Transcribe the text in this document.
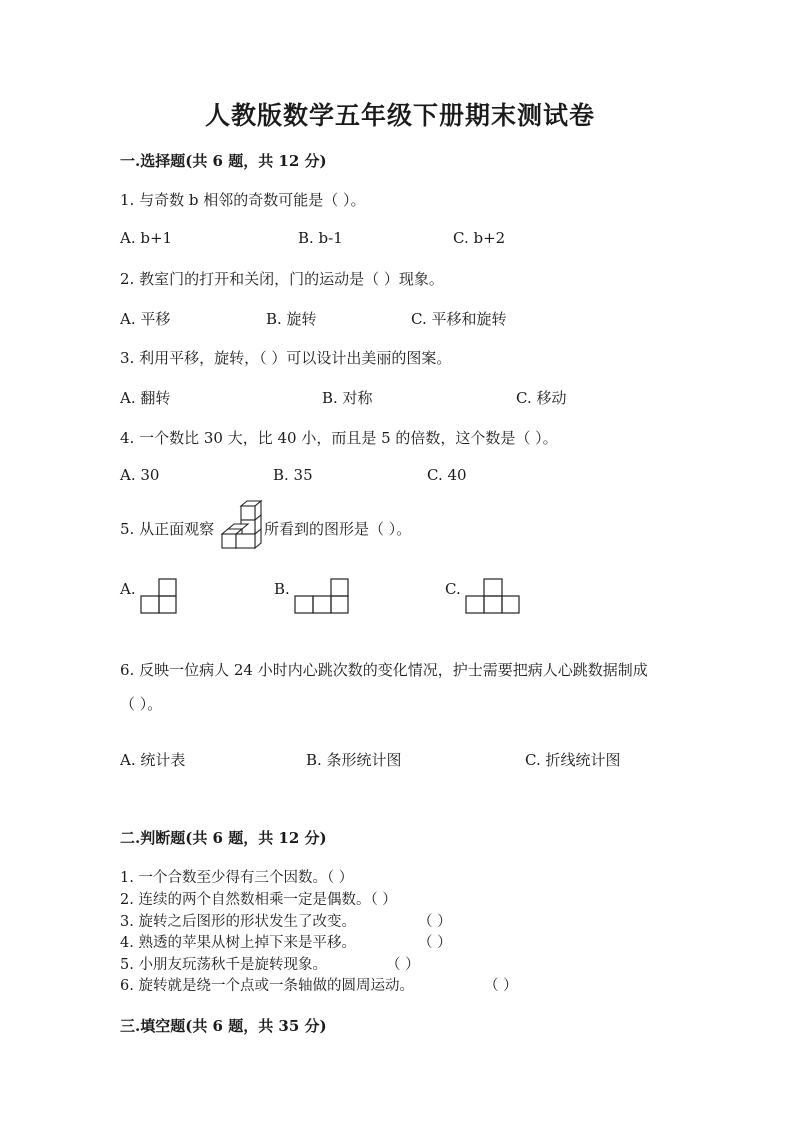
人教版数学五年级下册期末测试卷
一.选择题(共 6 题，共 12 分)
1. 与奇数 b 相邻的奇数可能是（ ）。
A. b+1	B. b-1	C. b+2
2. 教室门的打开和关闭，门的运动是（ ）现象。
A. 平移	B. 旋转	C. 平移和旋转
3. 利用平移，旋转，（ ）可以设计出美丽的图案。
A. 翻转	B. 对称	C. 移动
4. 一个数比 30 大，比 40 小，而且是 5 的倍数，这个数是（ ）。
A. 30	B. 35	C. 40
5. 从正面观察	所看到的图形是（ ）。
A.	B.	C.
6. 反映一位病人 24 小时内心跳次数的变化情况，护士需要把病人心跳数据制成
（ ）。
A. 统计表	B. 条形统计图	C. 折线统计图
二.判断题(共 6 题，共 12 分)
1. 一个合数至少得有三个因数。（ ）
2. 连续的两个自然数相乘一定是偶数。（ ）
3. 旋转之后图形的形状发生了改变。	（ ）
4. 熟透的苹果从树上掉下来是平移。	（ ）
5. 小朋友玩荡秋千是旋转现象。	（ ）
6. 旋转就是绕一个点或一条轴做的圆周运动。	（ ）
三.填空题(共 6 题，共 35 分)
